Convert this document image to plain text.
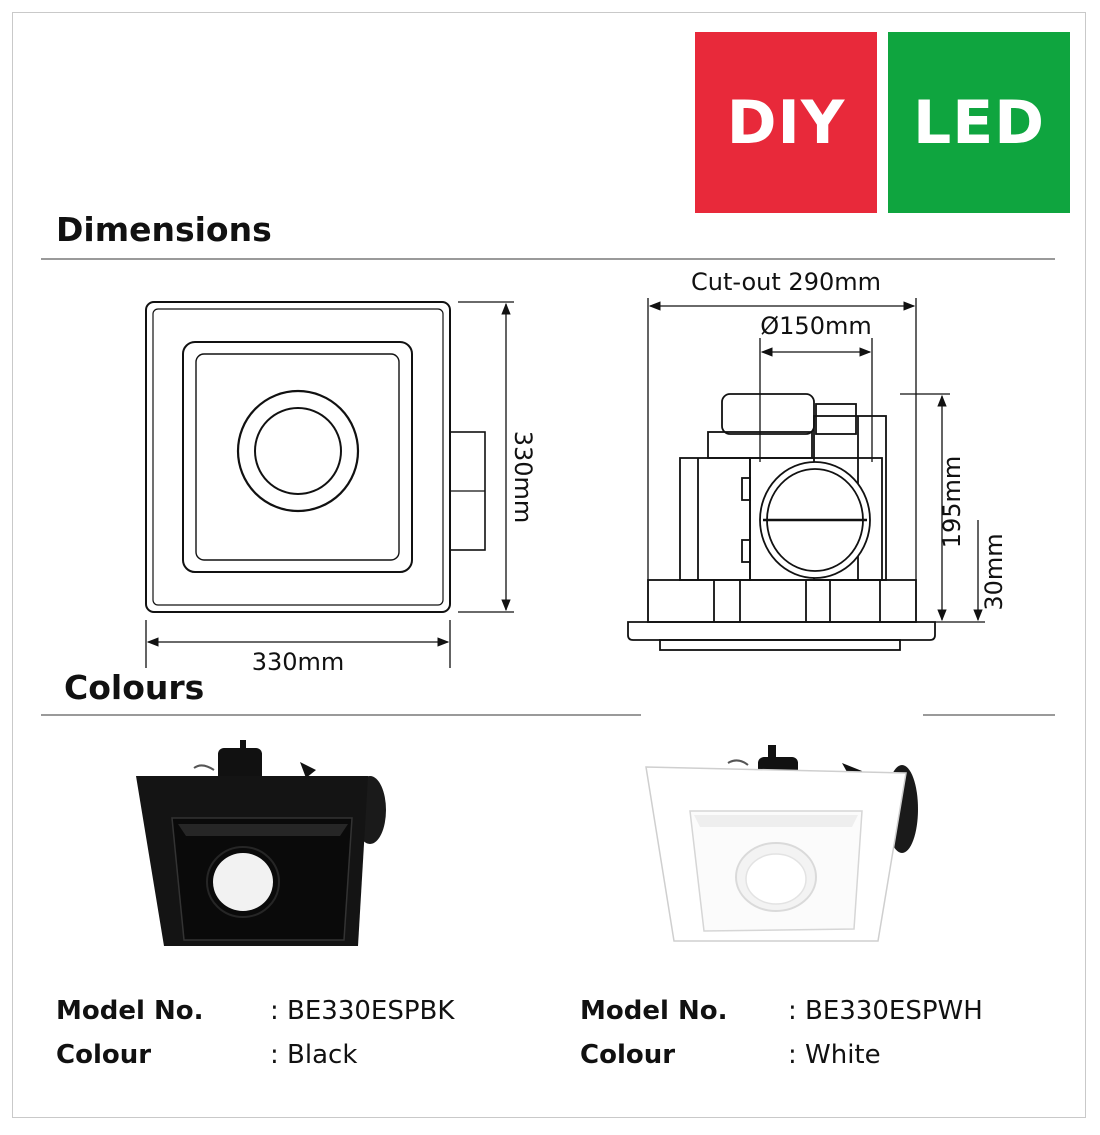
DIY LED
Dimensions
330mm
330mm
Cut-out 290mm
Ø150mm
195mm
30mm
Colours
Model No.	: BE330ESPBK
Colour	: Black
Model No. : BE330ESPWH
Colour	: White
